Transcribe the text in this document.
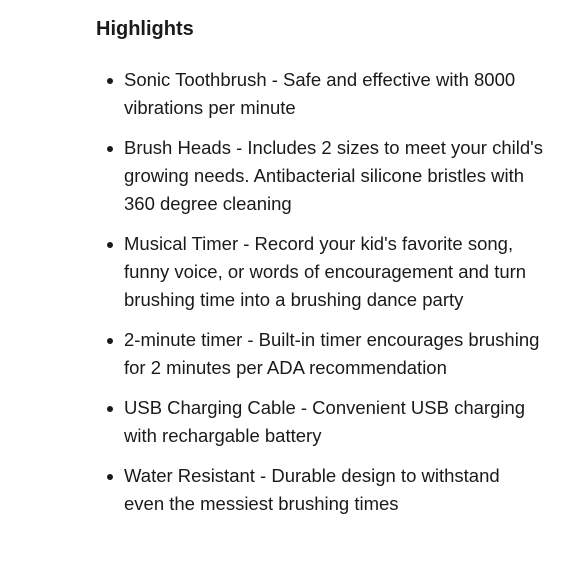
Highlights
Sonic Toothbrush - Safe and effective with 8000 vibrations per minute
Brush Heads - Includes 2 sizes to meet your child's growing needs. Antibacterial silicone bristles with 360 degree cleaning
Musical Timer - Record your kid's favorite song, funny voice, or words of encouragement and turn brushing time into a brushing dance party
2-minute timer - Built-in timer encourages brushing for 2 minutes per ADA recommendation
USB Charging Cable - Convenient USB charging with rechargable battery
Water Resistant - Durable design to withstand even the messiest brushing times
